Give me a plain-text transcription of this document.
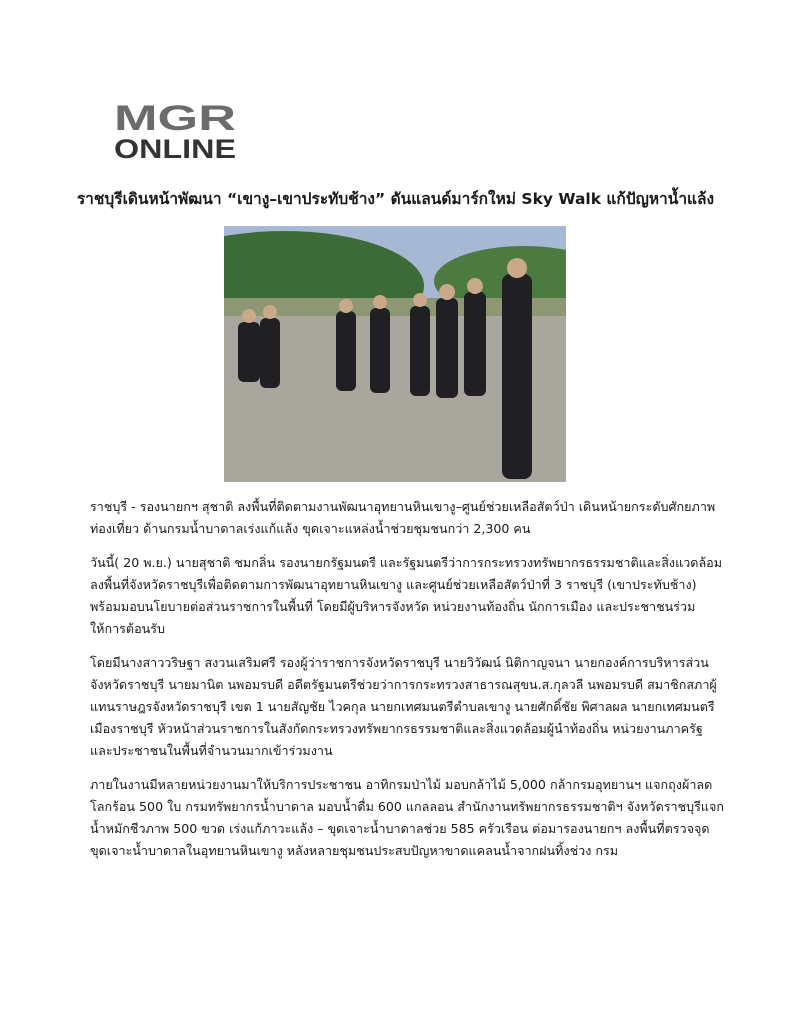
MGR
ONLINE
ราชบุรีเดินหน้าพัฒนา “เขางู–เขาประทับช้าง” ดันแลนด์มาร์กใหม่ Sky Walk แก้ปัญหาน้ำแล้ง

ราชบุรี - รองนายกฯ สุชาติ ลงพื้นที่ติดตามงานพัฒนาอุทยานหินเขางู–ศูนย์ช่วยเหลือสัตว์ป่า เดินหน้ายกระดับศักยภาพท่องเที่ยว ด้านกรมน้ำบาดาลเร่งแก้แล้ง ขุดเจาะแหล่งน้ำช่วยชุมชนกว่า 2,300 คน

วันนี้( 20 พ.ย.) นายสุชาติ ชมกลิ่น รองนายกรัฐมนตรี และรัฐมนตรีว่าการกระทรวงทรัพยากรธรรมชาติและสิ่งแวดล้อม ลงพื้นที่จังหวัดราชบุรีเพื่อติดตามการพัฒนาอุทยานหินเขางู และศูนย์ช่วยเหลือสัตว์ป่าที่ 3 ราชบุรี (เขาประทับช้าง) พร้อมมอบนโยบายต่อส่วนราชการในพื้นที่ โดยมีผู้บริหารจังหวัด หน่วยงานท้องถิ่น นักการเมือง และประชาชนร่วมให้การต้อนรับ

โดยมีนางสาววริษฐา สงวนเสริมศรี รองผู้ว่าราชการจังหวัดราชบุรี นายวิวัฒน์ นิติกาญจนา นายกองค์การบริหารส่วนจังหวัดราชบุรี นายมานิต นพอมรบดี อดีตรัฐมนตรีช่วยว่าการกระทรวงสาธารณสุขน.ส.กุลวลี นพอมรบดี สมาชิกสภาผู้แทนราษฎรจังหวัดราชบุรี เขต 1 นายสัญชัย ไวคกุล นายกเทศมนตรีตำบลเขางู นายศักดิ์ชัย พิศาลผล นายกเทศมนตรีเมืองราชบุรี หัวหน้าส่วนราชการในสังกัดกระทรวงทรัพยากรธรรมชาติและสิ่งแวดล้อมผู้นำท้องถิ่น หน่วยงานภาครัฐ และประชาชนในพื้นที่จำนวนมากเข้าร่วมงาน

ภายในงานมีหลายหน่วยงานมาให้บริการประชาชน อาทิกรมป่าไม้ มอบกล้าไม้ 5,000 กล้ากรมอุทยานฯ แจกถุงผ้าลดโลกร้อน 500 ใบ กรมทรัพยากรน้ำบาดาล มอบน้ำดื่ม 600 แกลลอน สำนักงานทรัพยากรธรรมชาติฯ จังหวัดราชบุรีแจกน้ำหมักชีวภาพ 500 ขวด เร่งแก้ภาวะแล้ง – ขุดเจาะน้ำบาดาลช่วย 585 ครัวเรือน ต่อมารองนายกฯ ลงพื้นที่ตรวจจุดขุดเจาะน้ำบาดาลในอุทยานหินเขางู หลังหลายชุมชนประสบปัญหาขาดแคลนน้ำจากฝนทิ้งช่วง กรม
